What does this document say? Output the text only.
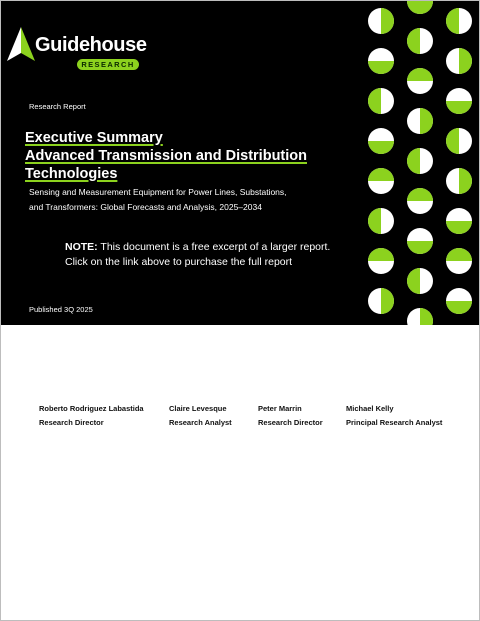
Guidehouse
RESEARCH
Research Report
Executive Summary
Advanced Transmission and Distribution
Technologies
Sensing and Measurement Equipment for Power Lines, Substations,
and Transformers: Global Forecasts and Analysis, 2025–2034
NOTE: This document is a free excerpt of a larger report.
Click on the link above to purchase the full report
Published 3Q 2025
Roberto Rodriguez Labastida
Research Director
Claire Levesque
Research Analyst
Peter Marrin
Research Director
Michael Kelly
Principal Research Analyst
